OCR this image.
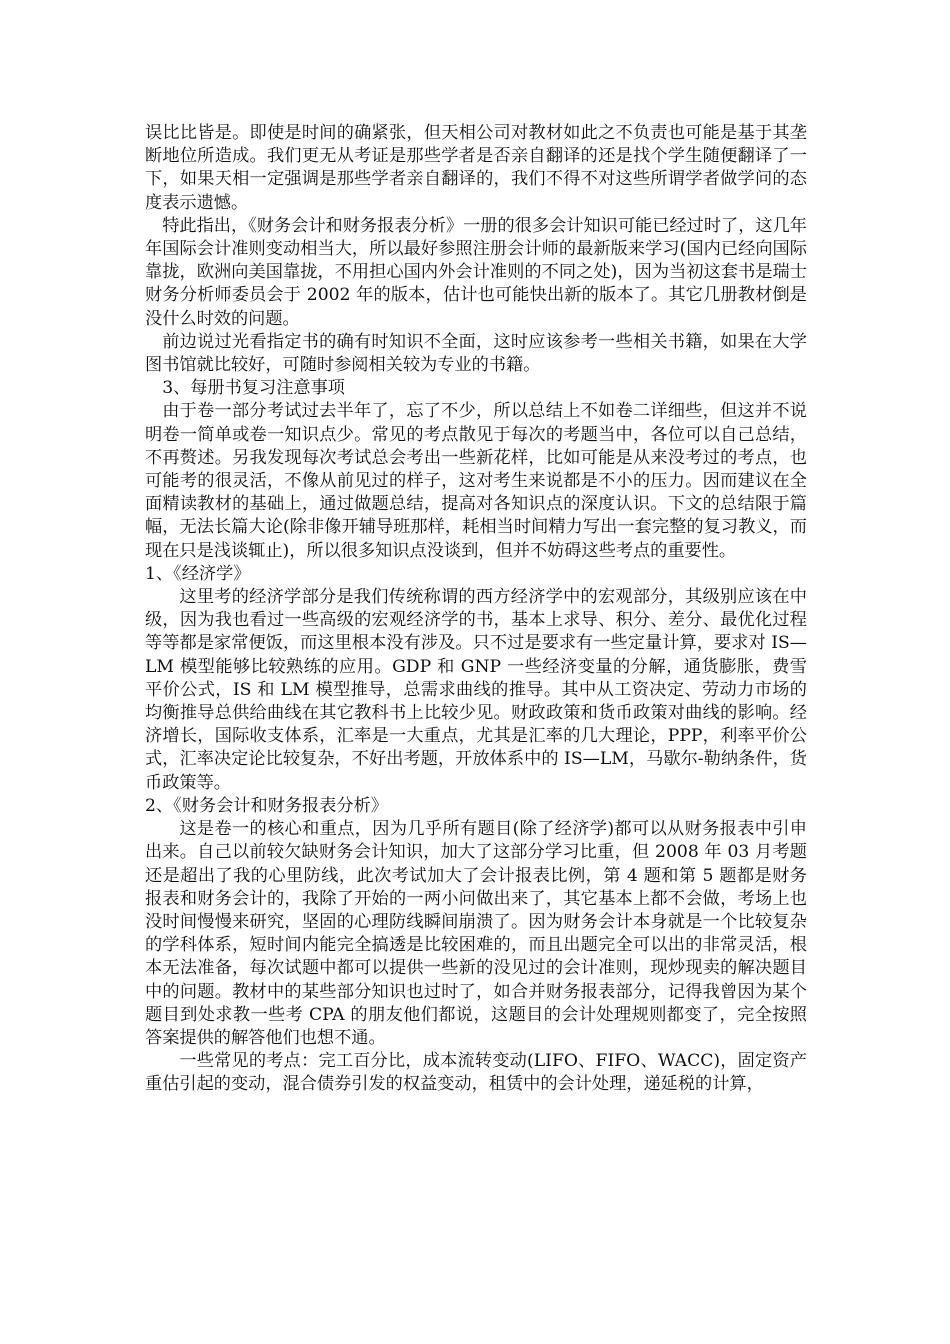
误比比皆是。即使是时间的确紧张，但天相公司对教材如此之不负责也可能是基于其垄断地位所造成。我们更无从考证是那些学者是否亲自翻译的还是找个学生随便翻译了一下，如果天相一定强调是那些学者亲自翻译的，我们不得不对这些所谓学者做学问的态度表示遗憾。

特此指出，《财务会计和财务报表分析》一册的很多会计知识可能已经过时了，这几年年国际会计准则变动相当大，所以最好参照注册会计师的最新版来学习(国内已经向国际靠拢，欧洲向美国靠拢，不用担心国内外会计准则的不同之处)，因为当初这套书是瑞士财务分析师委员会于 2002 年的版本，估计也可能快出新的版本了。其它几册教材倒是没什么时效的问题。

前边说过光看指定书的确有时知识不全面，这时应该参考一些相关书籍，如果在大学图书馆就比较好，可随时参阅相关较为专业的书籍。

3、每册书复习注意事项

由于卷一部分考试过去半年了，忘了不少，所以总结上不如卷二详细些，但这并不说明卷一简单或卷一知识点少。常见的考点散见于每次的考题当中，各位可以自己总结，不再赘述。另我发现每次考试总会考出一些新花样，比如可能是从来没考过的考点，也可能考的很灵活，不像从前见过的样子，这对考生来说都是不小的压力。因而建议在全面精读教材的基础上，通过做题总结，提高对各知识点的深度认识。下文的总结限于篇幅，无法长篇大论(除非像开辅导班那样，耗相当时间精力写出一套完整的复习教义，而现在只是浅谈辄止)，所以很多知识点没谈到，但并不妨碍这些考点的重要性。

1、《经济学》

这里考的经济学部分是我们传统称谓的西方经济学中的宏观部分，其级别应该在中级，因为我也看过一些高级的宏观经济学的书，基本上求导、积分、差分、最优化过程等等都是家常便饭，而这里根本没有涉及。只不过是要求有一些定量计算，要求对 IS—LM 模型能够比较熟练的应用。GDP 和 GNP 一些经济变量的分解，通货膨胀，费雪平价公式，IS 和 LM 模型推导，总需求曲线的推导。其中从工资决定、劳动力市场的均衡推导总供给曲线在其它教科书上比较少见。财政政策和货币政策对曲线的影响。经济增长，国际收支体系，汇率是一大重点，尤其是汇率的几大理论，PPP，利率平价公式，汇率决定论比较复杂，不好出考题，开放体系中的 IS—LM，马歇尔-勒纳条件，货币政策等。

2、《财务会计和财务报表分析》

这是卷一的核心和重点，因为几乎所有题目(除了经济学)都可以从财务报表中引申出来。自己以前较欠缺财务会计知识，加大了这部分学习比重，但 2008 年 03 月考题还是超出了我的心里防线，此次考试加大了会计报表比例，第 4 题和第 5 题都是财务报表和财务会计的，我除了开始的一两小问做出来了，其它基本上都不会做，考场上也没时间慢慢来研究，坚固的心理防线瞬间崩溃了。因为财务会计本身就是一个比较复杂的学科体系，短时间内能完全搞透是比较困难的，而且出题完全可以出的非常灵活，根本无法准备，每次试题中都可以提供一些新的没见过的会计准则，现炒现卖的解决题目中的问题。教材中的某些部分知识也过时了，如合并财务报表部分，记得我曾因为某个题目到处求教一些考 CPA 的朋友他们都说，这题目的会计处理规则都变了，完全按照答案提供的解答他们也想不通。

一些常见的考点：完工百分比，成本流转变动(LIFO、FIFO、WACC)，固定资产重估引起的变动，混合债券引发的权益变动，租赁中的会计处理，递延税的计算，
